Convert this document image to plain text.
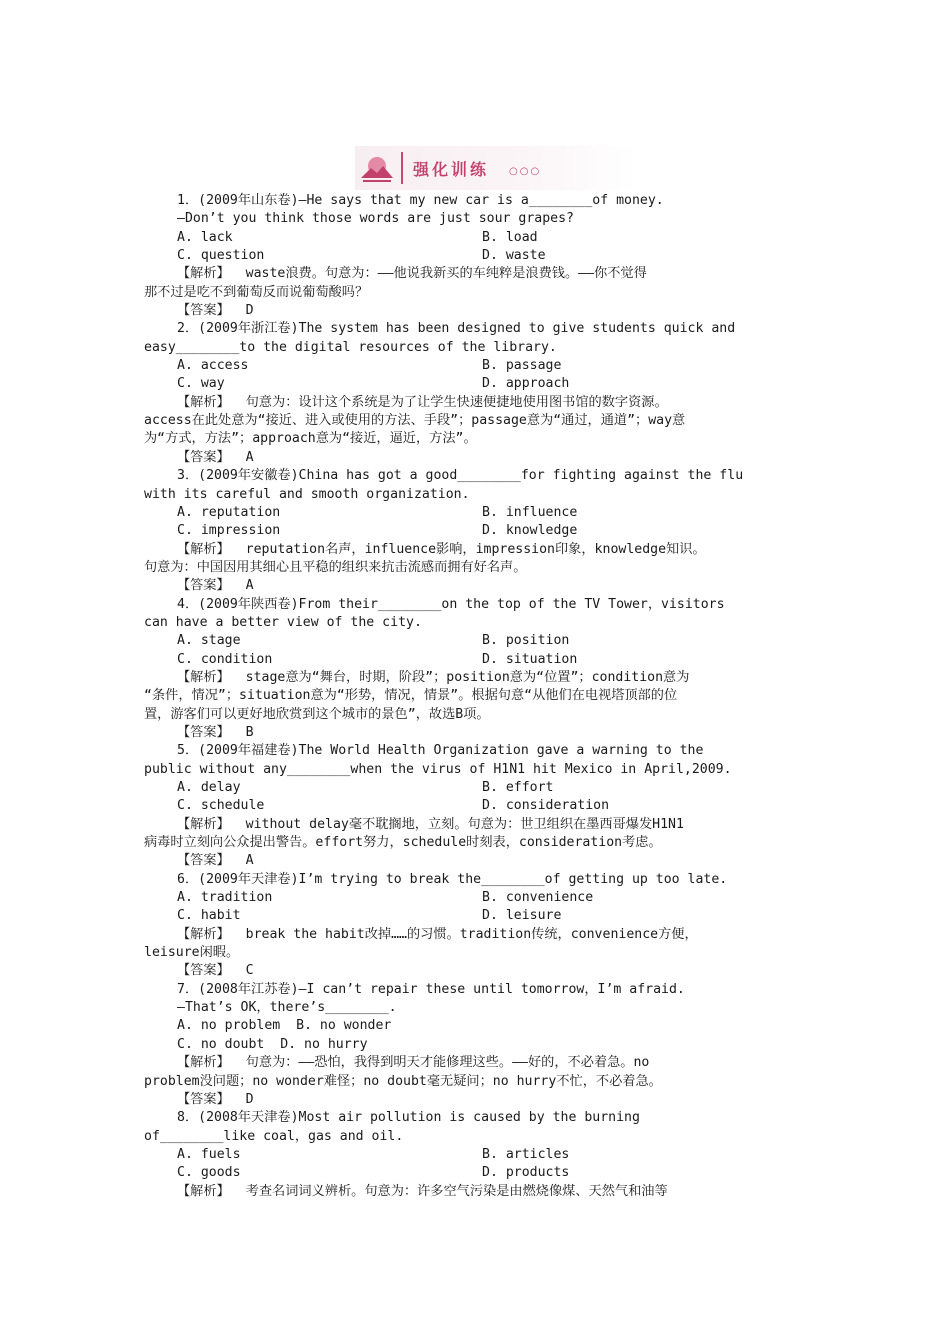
强化训练 ○○○
1．(2009年山东卷)—He says that my new car is a________of money.
—Don’t you think those words are just sour grapes?
A. lack	B. load
C. question	D. waste
【解析】  waste浪费。句意为：——他说我新买的车纯粹是浪费钱。——你不觉得
那不过是吃不到葡萄反而说葡萄酸吗？
【答案】  D
2．(2009年浙江卷)The system has been designed to give students quick and
easy________to the digital resources of the library.
A. access	B. passage
C. way	D. approach
【解析】  句意为：设计这个系统是为了让学生快速便捷地使用图书馆的数字资源。
access在此处意为“接近、进入或使用的方法、手段”；passage意为“通过，通道”；way意
为“方式，方法”；approach意为“接近，逼近，方法”。
【答案】  A
3．(2009年安徽卷)China has got a good________for fighting against the flu
with its careful and smooth organization.
A. reputation	B. influence
C. impression	D. knowledge
【解析】  reputation名声，influence影响，impression印象，knowledge知识。
句意为：中国因用其细心且平稳的组织来抗击流感而拥有好名声。
【答案】  A
4．(2009年陕西卷)From their________on the top of the TV Tower，visitors
can have a better view of the city.
A. stage	B. position
C. condition	D. situation
【解析】  stage意为“舞台，时期，阶段”；position意为“位置”；condition意为
“条件，情况”；situation意为“形势，情况，情景”。根据句意“从他们在电视塔顶部的位
置，游客们可以更好地欣赏到这个城市的景色”，故选B项。
【答案】  B
5．(2009年福建卷)The World Health Organization gave a warning to the
public without any________when the virus of H1N1 hit Mexico in April,2009.
A. delay	B. effort
C. schedule	D. consideration
【解析】  without delay毫不耽搁地，立刻。句意为：世卫组织在墨西哥爆发H1N1
病毒时立刻向公众提出警告。effort努力，schedule时刻表，consideration考虑。
【答案】  A
6．(2009年天津卷)I’m trying to break the________of getting up too late.
A. tradition	B. convenience
C. habit	D. leisure
【解析】  break the habit改掉……的习惯。tradition传统，convenience方便，
leisure闲暇。
【答案】  C
7．(2008年江苏卷)—I can’t repair these until tomorrow，I’m afraid.
—That’s OK，there’s________.
A. no problem  B. no wonder
C. no doubt  D. no hurry
【解析】  句意为：——恐怕，我得到明天才能修理这些。——好的，不必着急。no
problem没问题；no wonder难怪；no doubt毫无疑问；no hurry不忙，不必着急。
【答案】  D
8．(2008年天津卷)Most air pollution is caused by the burning
of________like coal，gas and oil.
A. fuels	B. articles
C. goods	D. products
【解析】  考查名词词义辨析。句意为：许多空气污染是由燃烧像煤、天然气和油等
